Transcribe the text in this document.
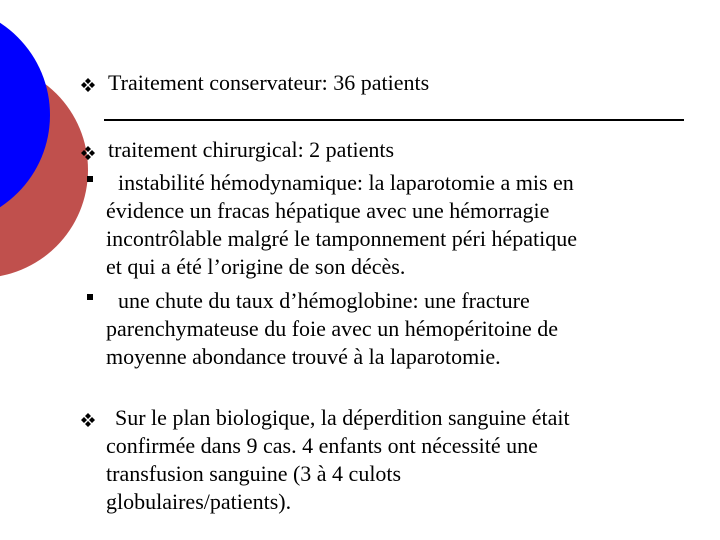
Traitement conservateur: 36 patients
traitement chirurgical: 2 patients
instabilité hémodynamique: la laparotomie a mis en
évidence un fracas hépatique avec une hémorragie
incontrôlable malgré le tamponnement péri hépatique
et qui a été l’origine de son décès.
une chute du taux d’hémoglobine: une fracture
parenchymateuse du foie avec un hémopéritoine de
moyenne abondance trouvé à la laparotomie.
Sur le plan biologique, la déperdition sanguine était
confirmée dans 9 cas. 4 enfants ont nécessité une
transfusion sanguine (3 à 4 culots
globulaires/patients).
